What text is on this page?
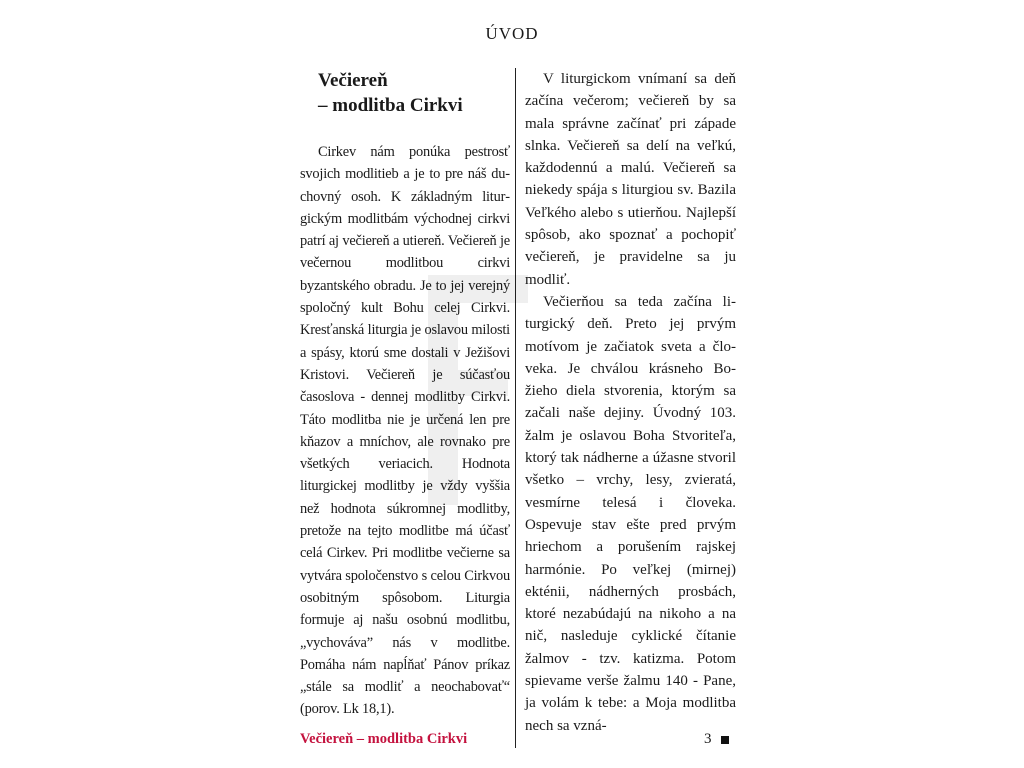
ÚVOD
Večiereň
– modlitba Cirkvi

Cirkev nám ponúka pestrosť svojich modlitieb a je to pre náš duchovný osoh. K základným liturgickým modlitbám východnej cirkvi patrí aj večiereň a utiereň. Večiereň je večernou modlitbou cirkvi byzantského obradu. Je to jej verejný spoločný kult Bohu celej Cirkvi. Kresťanská liturgia je oslavou milosti a spásy, ktorú sme dostali v Ježišovi Kristovi. Večiereň je súčasťou časoslova - dennej modlitby Cirkvi. Táto modlitba nie je určená len pre kňazov a mníchov, ale rovnako pre všetkých veriacich. Hodnota liturgickej modlitby je vždy vyššia než hodnota súkromnej modlitby, pretože na tejto modlitbe má účasť celá Cirkev. Pri modlitbe večierne sa vytvára spoločenstvo s celou Cirkvou osobitným spôsobom. Liturgia formuje aj našu osobnú modlitbu, „vychováva” nás v modlitbe. Pomáha nám napĺňať Pánov príkaz „stále sa modliť a neochabovať“ (porov. Lk 18,1).

V liturgickom vnímaní sa deň začína večerom; večiereň by sa mala správne začínať pri západe slnka. Večiereň sa delí na veľkú, každodennú a malú. Večiereň sa niekedy spája s liturgiou sv. Bazila Veľkého alebo s utierňou. Najlepší spôsob, ako spoznať a pochopiť večiereň, je pravidelne sa ju modliť.

Večierňou sa teda začína liturgický deň. Preto jej prvým motívom je začiatok sveta a človeka. Je chválou krásneho Božieho diela stvorenia, ktorým sa začali naše dejiny. Úvodný 103. žalm je oslavou Boha Stvoriteľa, ktorý tak nádherne a úžasne stvoril všetko – vrchy, lesy, zvieratá, vesmírne telesá i človeka. Ospevuje stav ešte pred prvým hriechom a porušením rajskej harmónie. Po veľkej (mirnej) ekténii, nádherných prosbách, ktoré nezabúdajú na nikoho a na nič, nasleduje cyklické čítanie žalmov - tzv. katizma. Potom spievame verše žalmu 140 - Pane, ja volám k tebe: a Moja modlitba nech sa vzná-

Večiereň – modlitba Cirkvi	3
